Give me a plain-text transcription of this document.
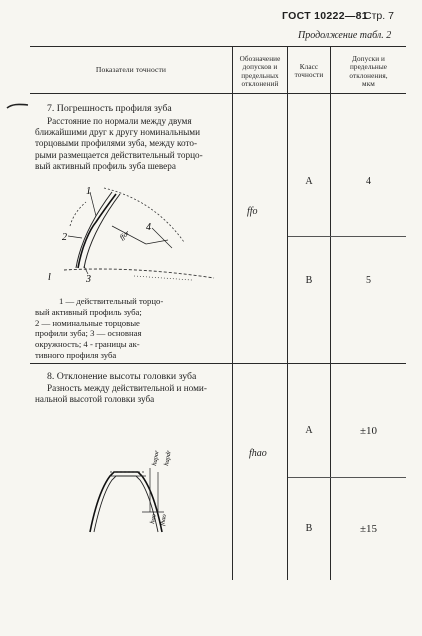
ГОСТ 10222—81
Стр. 7
Продолжение табл. 2
Показатели точности
Обозначение
допусков и
предельных
отклонений
Класс
точности
Допуски и
предельные
отклонения,
мкм
7. Погрешность профиля зуба
Расстояние по нормали между двумя
ближайшими друг к другу номинальными
торцовыми профилями зуба, между кото-
рыми размещается действительный торцо-
вый активный профиль зуба шевера
1
2
3
4
l
ffor
1 — действительный торцо-
вый активный профиль зуба;
2 — номинальные торцовые
профили зуба; 3 — основная
окружность; 4 - границы ак-
тивного профиля зуба
ffо
A	4
B	5
8. Отклонение высоты головки зуба
Разность между действительной и номи-
нальной высотой головки зуба
hapor hapdr
hao fhao
fhaо
А	±10
В	±15
